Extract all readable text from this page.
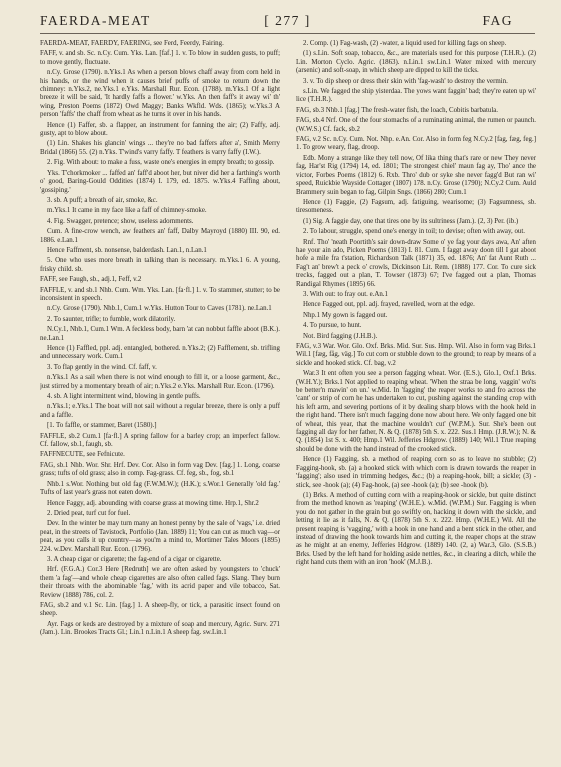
FAERDA-MEAT	[ 277 ]	FAG

FAERDA-MEAT, FAERDY, FAERING, see Ferd, Feerdy, Fairing.

FAFF, v. and sb. Sc. n.Cy. Cum. Yks. Lan. [faf.] 1. v. To blow in sudden gusts, to puff; to move gently, fluctuate.

n.Cy. Grose (1790). n.Yks.1 As when a person blows chaff away from corn held in his hands, or the wind when it causes brief puffs of smoke to return down the chimney: n.Yks.2, ne.Yks.1 e.Yks. Marshall Rur. Econ. (1788). m.Yks.1 Of a light breeze it will be said, 'It hardly faffs a flower.' w.Yks. An then faff's it away wi' th' wing, Preston Poems (1872) Owd Maggy; Banks Wkfld. Wds. (1865); w.Yks.3 A person 'faffs' the chaff from wheat as he turns it over in his hands.

Hence (1) Faffer, sb. a flapper, an instrument for fanning the air; (2) Faffy, adj. gusty, apt to blow about.

(1) Lin. Shakes his glancin' wings ... they're no bad faffers after a', Smith Merry Bridal (1866) 55. (2) n.Yks. T'wind's varry faffy. T feathers is varry faffy (I.W.).

2. Fig. With about: to make a fuss, waste one's energies in empty breath; to gossip.

Yks. T'chorkmoker ... faffed an' faff'd aboot her, but niver did her a farthing's worth o' good, Baring-Gould Oddities (1874) I. 179, ed. 1875. w.Yks.4 Faffing about, 'gossiping.'

3. sb. A puff; a breath of air, smoke, &c.

m.Yks.1 It came in my face like a faff of chimney-smoke.

4. Fig. Swagger, pretence; show, useless adornments.

Cum. A fine-crow wench, aw feathers an' faff, Dalby Mayroyd (1880) III. 90, ed. 1886. e.Lan.1

Hence Faffment, sb. nonsense, balderdash. Lan.1, n.Lan.1

5. One who uses more breath in talking than is necessary. m.Yks.1 6. A young, frisky child. sb.

FAFF, see Faugh, sb., adj.1, Feff, v.2

FAFFLE, v. and sb.1 Nhb. Cum. Wm. Yks. Lan. [fa·fl.] 1. v. To stammer, stutter; to be inconsistent in speech.

n.Cy. Grose (1790). Nhb.1, Cum.1 w.Yks. Hutton Tour to Caves (1781). ne.Lan.1

2. To saunter, trifle; to fumble, work dilatorily.

N.Cy.1, Nhb.1, Cum.1 Wm. A feckless body, barn 'at can nobbut faffle aboot (B.K.). ne.Lan.1

Hence (1) Faffled, ppl. adj. entangled, bothered. n.Yks.2; (2) Fafflement, sb. trifling and unnecessary work. Cum.1

3. To flap gently in the wind. Cf. faff, v.

n.Yks.1 As a sail when there is not wind enough to fill it, or a loose garment, &c., just stirred by a momentary breath of air; n.Yks.2 e.Yks. Marshall Rur. Econ. (1796).

4. sb. A light intermittent wind, blowing in gentle puffs.

n.Yks.1; e.Yks.1 The boat will not sail without a regular breeze, there is only a puff and a faffle.

[1. To faffle, or stammer, Baret (1580).]

FAFFLE, sb.2 Cum.1 [fa·fl.] A spring fallow for a barley crop; an imperfect fallow. Cf. fallow, sb.1, faugh, sb.

FAFFNECUTE, see Fefnicute.

FAG, sb.1 Nhb. Wor. Shr. Hrf. Dev. Cor. Also in form vag Dev. [fag.] 1. Long, coarse grass; tufts of old grass; also in comp. Fag-grass. Cf. feg, sb., fog, sb.1

Nhb.1 s.Wor. Nothing but old fag (F.W.M.W.); (H.K.); s.Wor.1 Generally 'old fag.' Tufts of last year's grass not eaten down.

Hence Faggy, adj. abounding with coarse grass at mowing time. Hrp.1, Shr.2

2. Dried peat, turf cut for fuel.

Dev. In the winter be may turn many an honest penny by the sale of 'vags,' i.e. dried peat, in the streets of Tavistock, Portfolio (Jan. 1889) 11; You can cut as much vag—or peat, as you calls it up country—as you'm a mind to, Mortimer Tales Moors (1895) 224. w.Dev. Marshall Rur. Econ. (1796).

3. A cheap cigar or cigarette; the fag-end of a cigar or cigarette.

Hrf. (F.G.A.) Cor.3 Here [Redruth] we are often asked by youngsters to 'chuck' them 'a fag'—and whole cheap cigarettes are also often called fags. Slang. They burn their throats with the abominable 'fag,' with its acrid paper and vile tobacco, Sat. Review (1888) 786, col. 2.

FAG, sb.2 and v.1 Sc. Lin. [fag.] 1. A sheep-fly, or tick, a parasitic insect found on sheep.

Ayr. Fags or keds are destroyed by a mixture of soap and mercury, Agric. Surv. 271 (Jam.). Lin. Brookes Tracts Gl.; Lin.1 n.Lin.1 A sheep fag. sw.Lin.1

2. Comp. (1) Fag-wash, (2) -water, a liquid used for killing fags on sheep.

(1) s.Lin. Soft soap, tobacco, &c., are materials used for this purpose (T.H.R.). (2) Lin. Morton Cyclo. Agric. (1863). n.Lin.1 sw.Lin.1 Water mixed with mercury (arsenic) and soft-soap, in which sheep are dipped to kill the ticks.

3. v. To dip sheep or dress their skin with 'fag-wash' to destroy the vermin.

s.Lin. We fagged the ship yisterdaa. The yows want faggin' bad; they're eaten up wi' lice (T.H.R.).

FAG, sb.3 Nhb.1 [fag.] The fresh-water fish, the loach, Cobitis barbatula.

FAG, sb.4 Nrf. One of the four stomachs of a ruminating animal, the rumen or paunch. (W.W.S.) Cf. fack, sb.2

FAG, v.2 Sc. n.Cy. Cum. Not. Nhp. e.An. Cor. Also in form feg N.Cy.2 [fag, fæg, feg.] 1. To grow weary, flag, droop.

Edb. Mony a strange like they tell now, Of lika thing that's rare or new They never fag, Har'st Rig (1794) 14, ed. 1801; The strongest chiel' maun fag ay, Tho' ance the victor, Forbes Poems (1812) 6. Rxb. Thro' dub or syke she never fagg'd But ran wi' speed, Ruickbie Wayside Cottager (1807) 178. n.Cy. Grose (1790); N.Cy.2 Cum. Auld Brammery suin began to fag, Gilpin Sngs. (1866) 280; Cum.1

Hence (1) Faggie, (2) Fagsum, adj. fatiguing, wearisome; (3) Fagsumness, sb. tiresomeness.

(1) Sig. A faggie day, one that tires one by its sultriness (Jam.). (2, 3) Per. (ib.)

2. To labour, struggle, spend one's energy in toil; to devise; often with away, out.

Rnf. Tho' 'neath Poortith's sair down-draw Some o' ye fag your days awa, An' aften hae your ain ado, Picken Poems (1813) I. 81. Cum. I faggt away doon till I gat aboot hofe a mile fra t'station, Richardson Talk (1871) 35, ed. 1876; An' fat Aunt Ruth ... Fag't an' brew't a peck o' crowls, Dickinson Lit. Rem. (1888) 177. Cor. To cure sick trecks, fagged out a plan, T. Towser (1873) 67; I've fagged out a plan, Thomas Randigal Rhymes (1895) 66.

3. With out: to fray out. e.An.1

Hence Fagged out, ppl. adj. frayed, ravelled, worn at the edge.

Nhp.1 My gown is fagged out.

4. To pursue, to hunt.

Not. Bird fagging (J.H.B.).

FAG, v.3 War. Wor. Glo. Oxf. Brks. Mid. Sur. Sus. Hmp. Wil. Also in form vag Brks.1 Wil.1 [fæg, fåg, väg.] To cut corn or stubble down to the ground; to reap by means of a sickle and hooked stick. Cf. bag, v.2

War.3 It ent often you see a person fagging wheat. Wor. (E.S.), Glo.1, Oxf.1 Brks. (W.H.Y.); Brks.1 Not applied to reaping wheat. 'When the straa be long, vaggin' wo'ts be better'n mawin' on un.' w.Mid. In 'fagging' the reaper works to and fro across the 'cant' or strip of corn he has undertaken to cut, pushing against the standing crop with his left arm, and severing portions of it by dealing sharp blows with the hook held in the right hand. 'There isn't much fagging done now about here. We only fagged one bit of wheat, this year, that the machine wouldn't cut' (W.P.M.). Sur. She's been out fagging all day for her father, N. & Q. (1878) 5th S. x. 222. Sus.1 Hmp. (J.R.W.); N. & Q. (1854) 1st S. x. 400; Hmp.1 Wil. Jefferies Hdgrow. (1889) 140; Wil.1 True reaping should be done with the hand instead of the crooked stick.

Hence (1) Fagging, sb. a method of reaping corn so as to leave no stubble; (2) Fagging-hook, sb. (a) a hooked stick with which corn is drawn towards the reaper in 'fagging'; also used in trimming hedges, &c.; (b) a reaping-hook, bill; a sickle; (3) -stick, see -hook (a); (4) Fag-hook, (a) see -hook (a); (b) see -hook (b).

(1) Brks. A method of cutting corn with a reaping-hook or sickle, but quite distinct from the method known as 'reaping' (W.H.E.). w.Mid. (W.P.M.) Sur. Fagging is when you do not gather in the grain but go swiftly on, hacking it down with the sickle, and letting it lie as it falls, N. & Q. (1878) 5th S. x. 222. Hmp. (W.H.E.) Wil. All the present reaping is 'vagging,' with a hook in one hand and a bent stick in the other, and instead of drawing the hook towards him and cutting it, the reaper chops at the straw as he might at an enemy, Jefferies Hdgrow. (1889) 140. (2, a) War.3, Glo. (S.S.B.) Brks. Used by the left hand for holding aside nettles, &c., in clearing a ditch, while the right hand cuts them with an iron 'hook' (M.J.B.).
